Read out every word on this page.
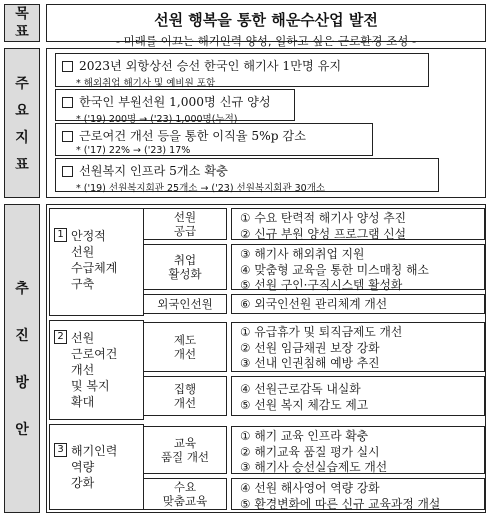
목
표
선원 행복을 통한 해운수산업 발전
- 미래를 이끄는 해기인력 양성, 일하고 싶은 근로환경 조성 -
주
요
지
표
2023년 외항상선 승선 한국인 해기사 1만명 유지
* 해외취업 해기사 및 예비원 포함
한국인 부원선원 1,000명 신규 양성
* ('19) 200명 → ('23) 1,000명(누적)
근로여건 개선 등을 통한 이직율 5%p 감소
* ('17) 22% → ('23) 17%
선원복지 인프라 5개소 확충
* ('19) 선원복지회관 25개소 → ('23) 선원복지회관 30개소
추
진
방
안
1 안정적
선원
수급체계
구축
2 선원
근로여건
개선
및 복지
확대
3 해기인력
역량
강화
선원
공급
① 수요 탄력적 해기사 양성 추진
② 신규 부원 양성 프로그램 신설
취업
활성화
③ 해기사 해외취업 지원
④ 맞춤형 교육을 통한 미스매칭 해소
⑤ 선원 구인·구직시스템 활성화
외국인선원 ⑥ 외국인선원 관리체계 개선
제도
개선
① 유급휴가 및 퇴직금제도 개선
② 선원 임금채권 보장 강화
③ 선내 인권침해 예방 추진
집행
개선
④ 선원근로감독 내실화
⑤ 선원 복지 체감도 제고
교육
품질 개선
① 해기 교육 인프라 확충
② 해기교육 품질 평가 실시
③ 해기사 승선실습제도 개선
수요
맞춤교육
④ 선원 해사영어 역량 강화
⑤ 환경변화에 따른 신규 교육과정 개설
